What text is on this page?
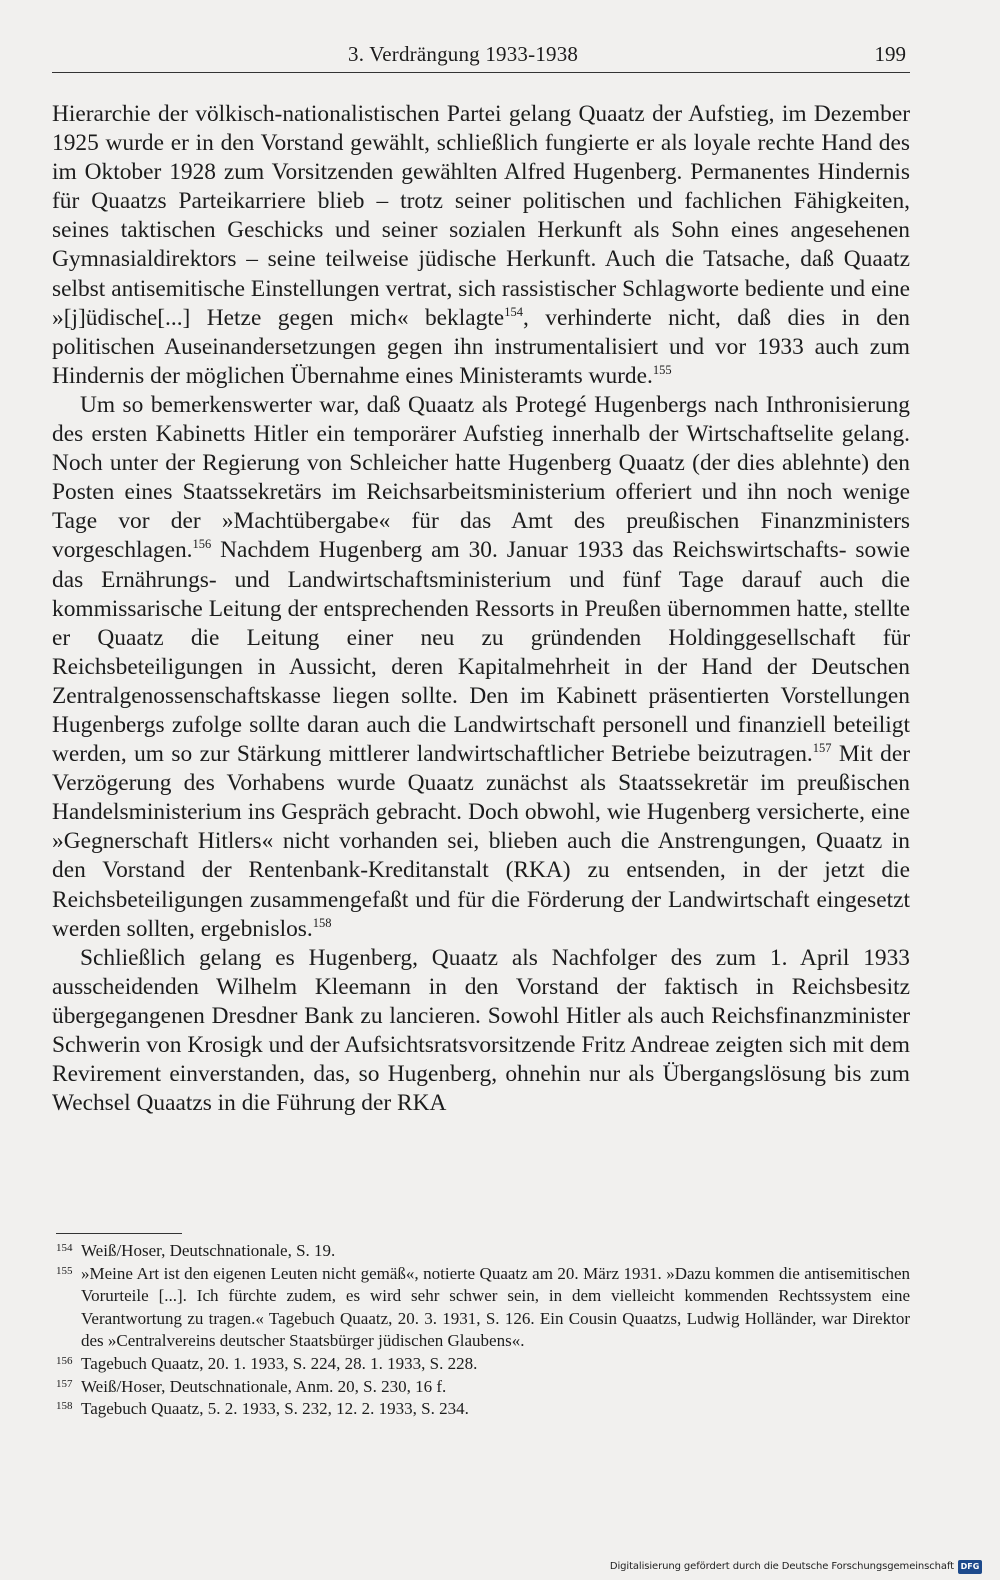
3. Verdrängung 1933-1938	199

Hierarchie der völkisch-nationalistischen Partei gelang Quaatz der Aufstieg, im Dezember 1925 wurde er in den Vorstand gewählt, schließlich fungierte er als loyale rechte Hand des im Oktober 1928 zum Vorsitzenden gewählten Alfred Hugenberg. Permanentes Hindernis für Quaatzs Parteikarriere blieb – trotz seiner politischen und fachlichen Fähigkeiten, seines taktischen Geschicks und seiner sozialen Herkunft als Sohn eines angesehenen Gymnasialdirektors – seine teilweise jüdische Herkunft. Auch die Tatsache, daß Quaatz selbst antisemitische Einstellungen vertrat, sich rassistischer Schlagworte bediente und eine »[j]üdische[...] Hetze gegen mich« beklagte$^{154}$, verhinderte nicht, daß dies in den politischen Auseinandersetzungen gegen ihn instrumentalisiert und vor 1933 auch zum Hindernis der möglichen Übernahme eines Ministeramts wurde.$^{155}$

Um so bemerkenswerter war, daß Quaatz als Protegé Hugenbergs nach Inthronisierung des ersten Kabinetts Hitler ein temporärer Aufstieg innerhalb der Wirtschaftselite gelang. Noch unter der Regierung von Schleicher hatte Hugenberg Quaatz (der dies ablehnte) den Posten eines Staatssekretärs im Reichsarbeitsministerium offeriert und ihn noch wenige Tage vor der »Machtübergabe« für das Amt des preußischen Finanzministers vorgeschlagen.$^{156}$ Nachdem Hugenberg am 30. Januar 1933 das Reichswirtschafts- sowie das Ernährungs- und Landwirtschaftsministerium und fünf Tage darauf auch die kommissarische Leitung der entsprechenden Ressorts in Preußen übernommen hatte, stellte er Quaatz die Leitung einer neu zu gründenden Holdinggesellschaft für Reichsbeteiligungen in Aussicht, deren Kapitalmehrheit in der Hand der Deutschen Zentralgenossenschaftskasse liegen sollte. Den im Kabinett präsentierten Vorstellungen Hugenbergs zufolge sollte daran auch die Landwirtschaft personell und finanziell beteiligt werden, um so zur Stärkung mittlerer landwirtschaftlicher Betriebe beizutragen.$^{157}$ Mit der Verzögerung des Vorhabens wurde Quaatz zunächst als Staatssekretär im preußischen Handelsministerium ins Gespräch gebracht. Doch obwohl, wie Hugenberg versicherte, eine »Gegnerschaft Hitlers« nicht vorhanden sei, blieben auch die Anstrengungen, Quaatz in den Vorstand der Rentenbank-Kreditanstalt (RKA) zu entsenden, in der jetzt die Reichsbeteiligungen zusammengefaßt und für die Förderung der Landwirtschaft eingesetzt werden sollten, ergebnislos.$^{158}$

Schließlich gelang es Hugenberg, Quaatz als Nachfolger des zum 1. April 1933 ausscheidenden Wilhelm Kleemann in den Vorstand der faktisch in Reichsbesitz übergegangenen Dresdner Bank zu lancieren. Sowohl Hitler als auch Reichsfinanzminister Schwerin von Krosigk und der Aufsichtsratsvorsitzende Fritz Andreae zeigten sich mit dem Revirement einverstanden, das, so Hugenberg, ohnehin nur als Übergangslösung bis zum Wechsel Quaatzs in die Führung der RKA

154 Weiß/Hoser, Deutschnationale, S. 19.
155 »Meine Art ist den eigenen Leuten nicht gemäß«, notierte Quaatz am 20. März 1931. »Dazu kommen die antisemitischen Vorurteile [...]. Ich fürchte zudem, es wird sehr schwer sein, in dem vielleicht kommenden Rechtssystem eine Verantwortung zu tragen.« Tagebuch Quaatz, 20. 3. 1931, S. 126. Ein Cousin Quaatzs, Ludwig Holländer, war Direktor des »Centralvereins deutscher Staatsbürger jüdischen Glaubens«.
156 Tagebuch Quaatz, 20. 1. 1933, S. 224, 28. 1. 1933, S. 228.
157 Weiß/Hoser, Deutschnationale, Anm. 20, S. 230, 16 f.
158 Tagebuch Quaatz, 5. 2. 1933, S. 232, 12. 2. 1933, S. 234.
Digitalisierung gefördert durch die Deutsche Forschungsgemeinschaft DFG
